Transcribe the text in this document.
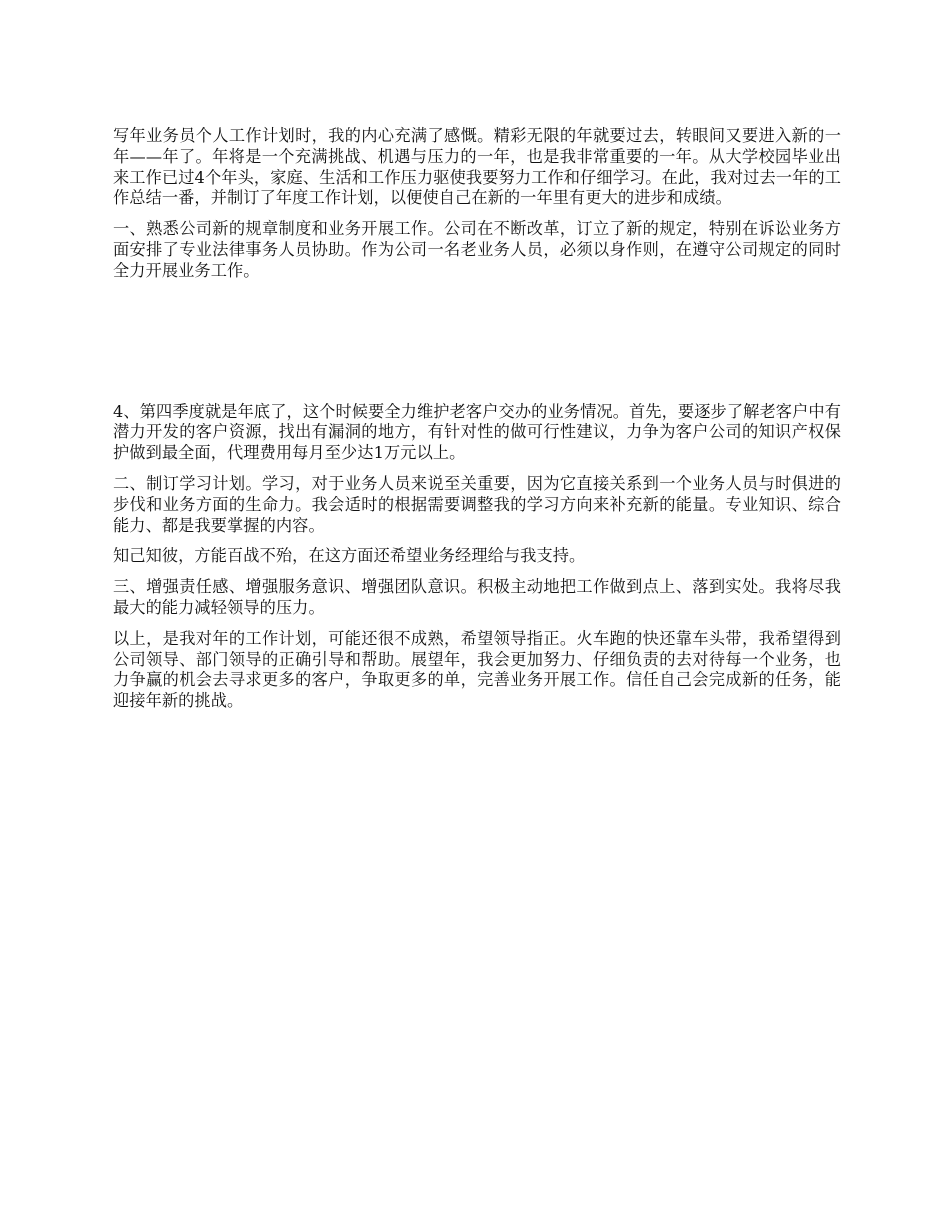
写年业务员个人工作计划时，我的内心充满了感慨。精彩无限的年就要过去，转眼间又要进入新的一年——年了。年将是一个充满挑战、机遇与压力的一年，也是我非常重要的一年。从大学校园毕业出来工作已过4个年头，家庭、生活和工作压力驱使我要努力工作和仔细学习。在此，我对过去一年的工作总结一番，并制订了年度工作计划，以便使自己在新的一年里有更大的进步和成绩。

一、熟悉公司新的规章制度和业务开展工作。公司在不断改革，订立了新的规定，特别在诉讼业务方面安排了专业法律事务人员协助。作为公司一名老业务人员，必须以身作则，在遵守公司规定的同时全力开展业务工作。

4、第四季度就是年底了，这个时候要全力维护老客户交办的业务情况。首先，要逐步了解老客户中有潜力开发的客户资源，找出有漏洞的地方，有针对性的做可行性建议，力争为客户公司的知识产权保护做到最全面，代理费用每月至少达1万元以上。

二、制订学习计划。学习，对于业务人员来说至关重要，因为它直接关系到一个业务人员与时俱进的步伐和业务方面的生命力。我会适时的根据需要调整我的学习方向来补充新的能量。专业知识、综合能力、都是我要掌握的内容。

知己知彼，方能百战不殆，在这方面还希望业务经理给与我支持。

三、增强责任感、增强服务意识、增强团队意识。积极主动地把工作做到点上、落到实处。我将尽我最大的能力减轻领导的压力。

以上，是我对年的工作计划，可能还很不成熟，希望领导指正。火车跑的快还靠车头带，我希望得到公司领导、部门领导的正确引导和帮助。展望年，我会更加努力、仔细负责的去对待每一个业务，也力争赢的机会去寻求更多的客户，争取更多的单，完善业务开展工作。信任自己会完成新的任务，能迎接年新的挑战。
